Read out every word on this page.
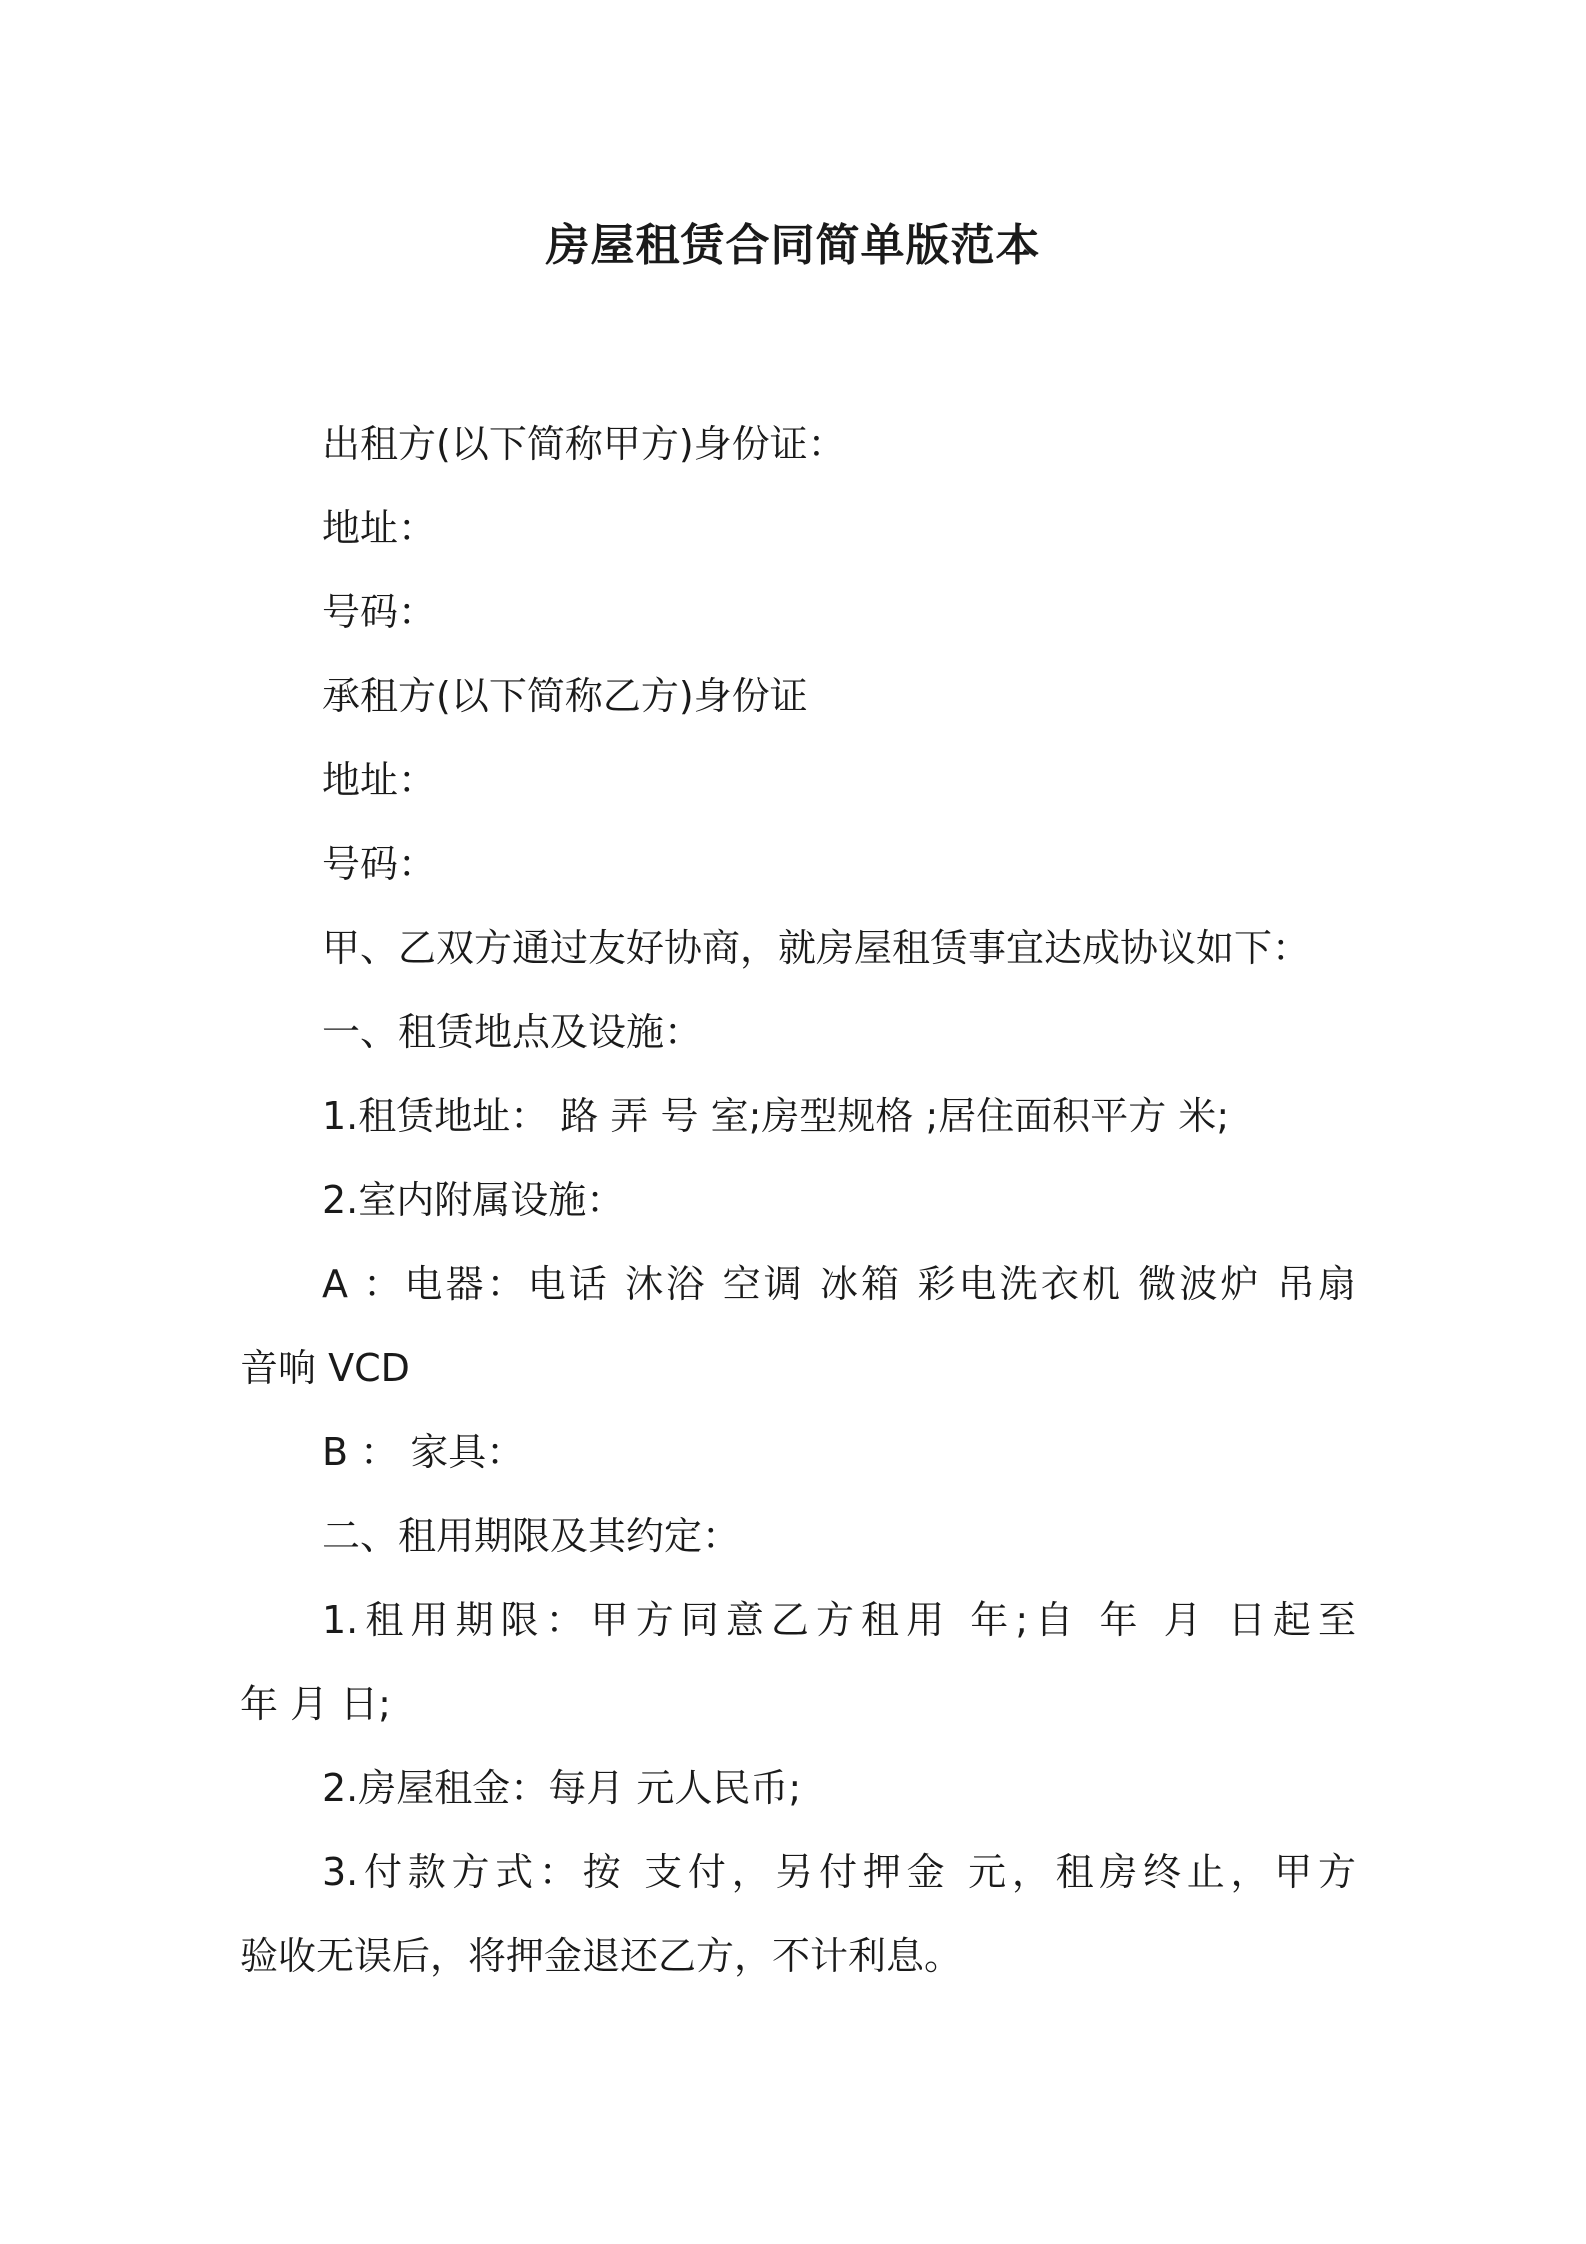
房屋租赁合同简单版范本

出租方(以下简称甲方)身份证：

地址：

号码：

承租方(以下简称乙方)身份证

地址：

号码：

甲、乙双方通过友好协商，就房屋租赁事宜达成协议如下：

一、租赁地点及设施：

1.租赁地址： 路 弄 号 室;房型规格 ;居住面积平方 米;

2.室内附属设施：

A ：电器：电话 沐浴 空调 冰箱 彩电洗衣机 微波炉 吊扇

音响 VCD

B ： 家具：

二、租用期限及其约定：

1.租用期限：甲方同意乙方租用 年;自 年 月 日起至

年 月 日;

2.房屋租金：每月 元人民币;

3.付款方式：按 支付，另付押金 元，租房终止，甲方

验收无误后，将押金退还乙方，不计利息。
